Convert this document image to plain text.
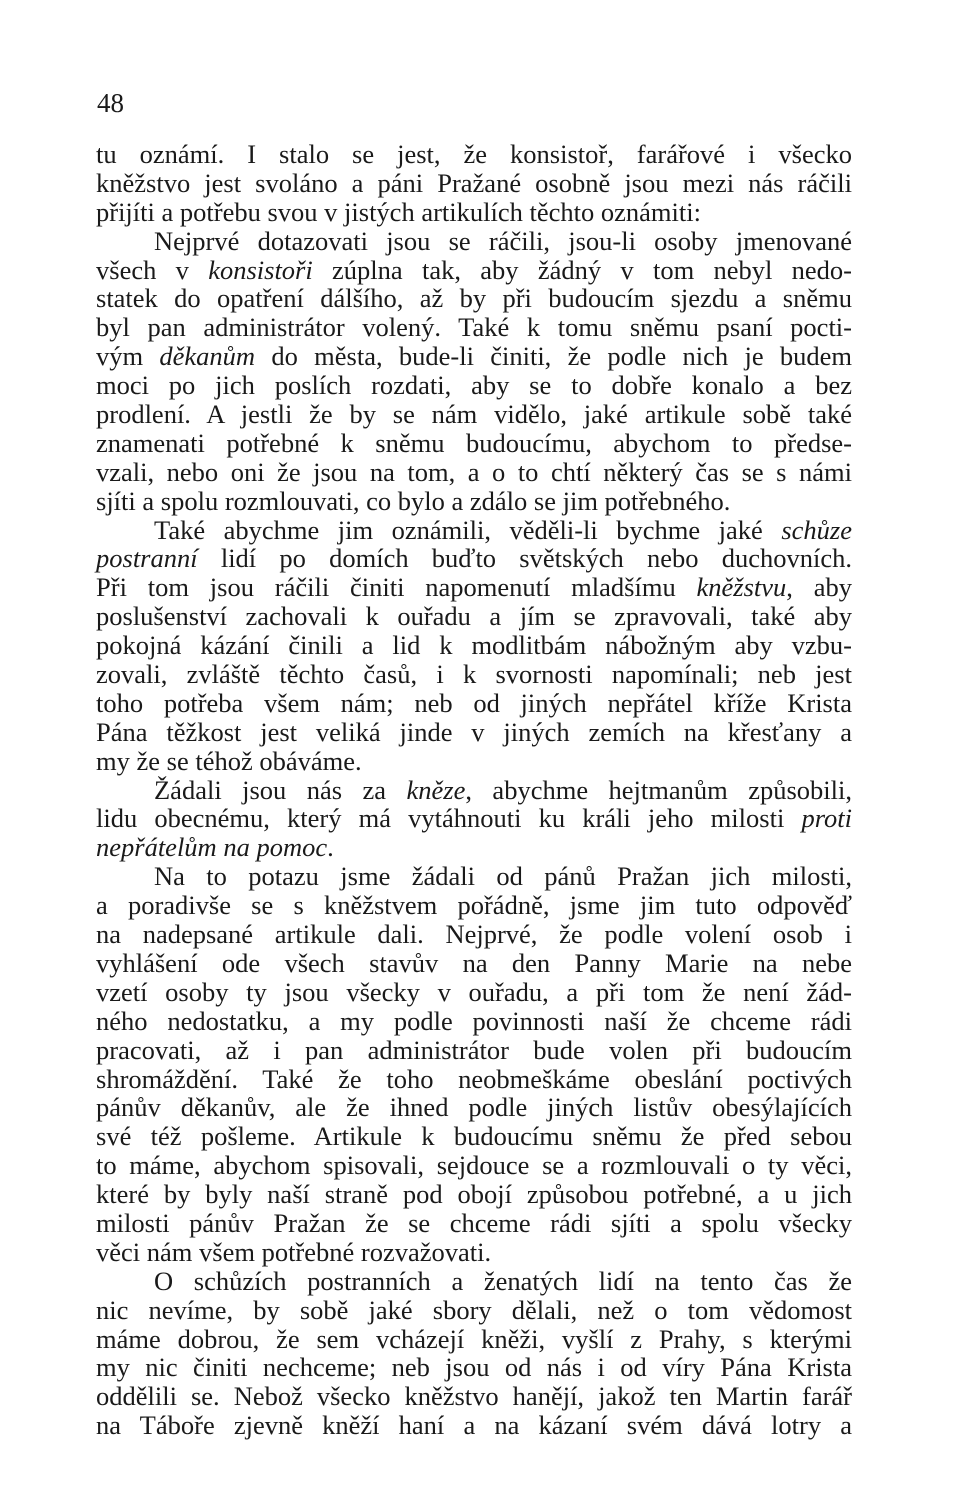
48
tu oznámí. I stalo se jest, že konsistoř, farářové i všecko
kněžstvo jest svoláno a páni Pražané osobně jsou mezi nás ráčili
přijíti a potřebu svou v jistých artikulích těchto oznámiti:
Nejprvé dotazovati jsou se ráčili, jsou-li osoby jmenované
všech v konsistoři zúplna tak, aby žádný v tom nebyl nedo-
statek do opatření dálšího, až by při budoucím sjezdu a sněmu
byl pan administrátor volený. Také k tomu sněmu psaní pocti-
vým děkanům do města, bude-li činiti, že podle nich je budem
moci po jich poslích rozdati, aby se to dobře konalo a bez
prodlení. A jestli že by se nám vidělo, jaké artikule sobě také
znamenati potřebné k sněmu budoucímu, abychom to předse-
vzali, nebo oni že jsou na tom, a o to chtí některý čas se s námi
sjíti a spolu rozmlouvati, co bylo a zdálo se jim potřebného.
Také abychme jim oznámili, věděli-li bychme jaké schůze
postranní lidí po domích buďto světských nebo duchovních.
Při tom jsou ráčili činiti napomenutí mladšímu kněžstvu, aby
poslušenství zachovali k ouřadu a jím se zpravovali, také aby
pokojná kázání činili a lid k modlitbám nábožným aby vzbu-
zovali, zvláště těchto časů, i k svornosti napomínali; neb jest
toho potřeba všem nám; neb od jiných nepřátel kříže Krista
Pána těžkost jest veliká jinde v jiných zemích na křesťany a
my že se téhož obáváme.
Žádali jsou nás za kněze, abychme hejtmanům způsobili,
lidu obecnému, který má vytáhnouti ku králi jeho milosti proti
nepřátelům na pomoc.
Na to potazu jsme žádali od pánů Pražan jich milosti,
a poradivše se s kněžstvem pořádně, jsme jim tuto odpověď
na nadepsané artikule dali. Nejprvé, že podle volení osob i
vyhlášení ode všech stavův na den Panny Marie na nebe
vzetí osoby ty jsou všecky v ouřadu, a při tom že není žád-
ného nedostatku, a my podle povinnosti naší že chceme rádi
pracovati, až i pan administrátor bude volen při budoucím
shromáždění. Také že toho neobmeškáme obeslání poctivých
pánův děkanův, ale že ihned podle jiných listův obesýlajících
své též pošleme. Artikule k budoucímu sněmu že před sebou
to máme, abychom spisovali, sejdouce se a rozmlouvali o ty věci,
které by byly naší straně pod obojí způsobou potřebné, a u jich
milosti pánův Pražan že se chceme rádi sjíti a spolu všecky
věci nám všem potřebné rozvažovati.
O schůzích postranních a ženatých lidí na tento čas že
nic nevíme, by sobě jaké sbory dělali, než o tom vědomost
máme dobrou, že sem vcházejí kněži, vyšlí z Prahy, s kterými
my nic činiti nechceme; neb jsou od nás i od víry Pána Krista
oddělili se. Nebož všecko kněžstvo hanějí, jakož ten Martin farář
na Táboře zjevně kněží haní a na kázaní svém dává lotry a
